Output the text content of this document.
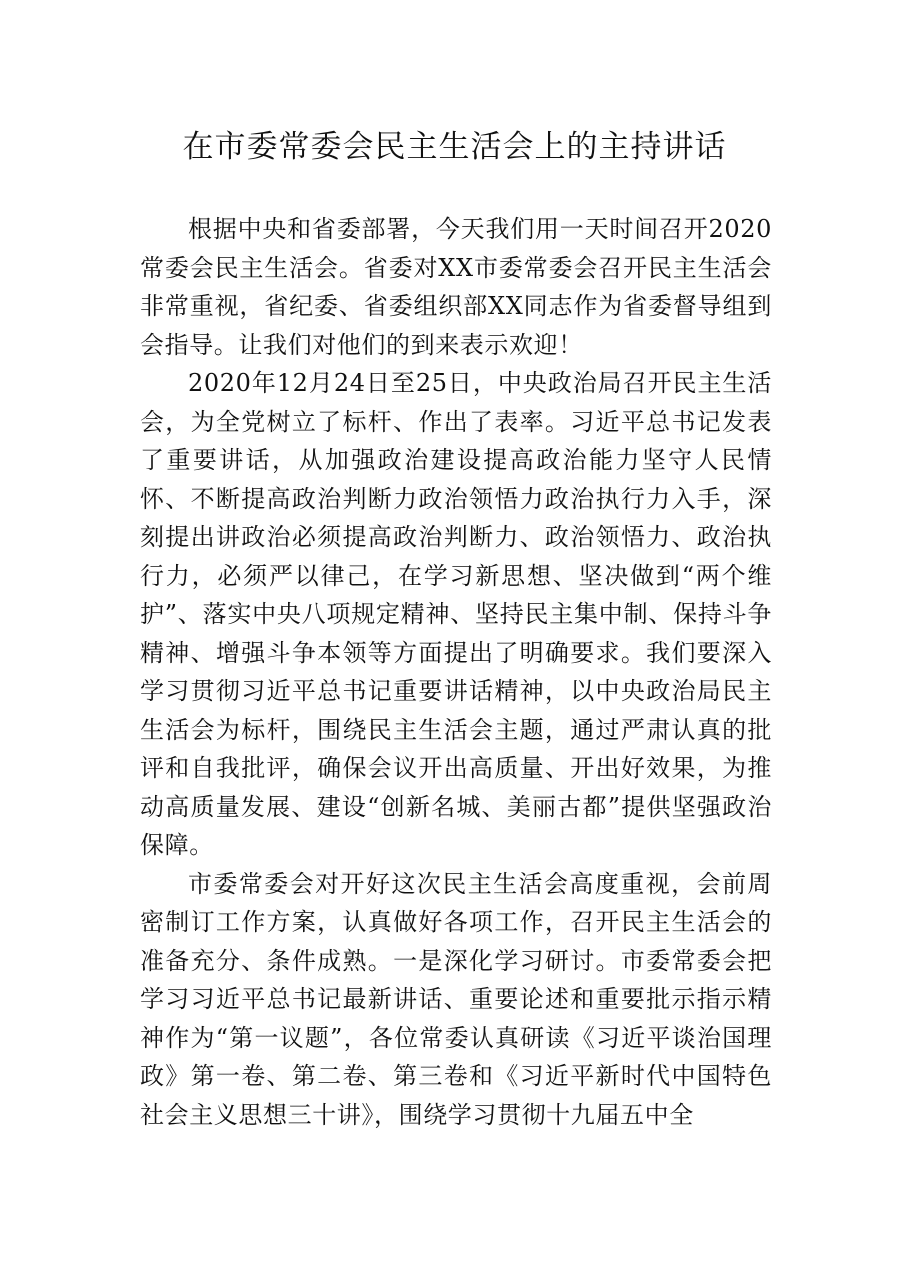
在市委常委会民主生活会上的主持讲话

根据中央和省委部署，今天我们用一天时间召开2020常委会民主生活会。省委对XX市委常委会召开民主生活会非常重视，省纪委、省委组织部XX同志作为省委督导组到会指导。让我们对他们的到来表示欢迎！

2020年12月24日至25日，中央政治局召开民主生活会，为全党树立了标杆、作出了表率。习近平总书记发表了重要讲话，从加强政治建设提高政治能力坚守人民情怀、不断提高政治判断力政治领悟力政治执行力入手，深刻提出讲政治必须提高政治判断力、政治领悟力、政治执行力，必须严以律己，在学习新思想、坚决做到“两个维护”、落实中央八项规定精神、坚持民主集中制、保持斗争精神、增强斗争本领等方面提出了明确要求。我们要深入学习贯彻习近平总书记重要讲话精神，以中央政治局民主生活会为标杆，围绕民主生活会主题，通过严肃认真的批评和自我批评，确保会议开出高质量、开出好效果，为推动高质量发展、建设“创新名城、美丽古都”提供坚强政治保障。

市委常委会对开好这次民主生活会高度重视，会前周密制订工作方案，认真做好各项工作，召开民主生活会的准备充分、条件成熟。一是深化学习研讨。市委常委会把学习习近平总书记最新讲话、重要论述和重要批示指示精神作为“第一议题”，各位常委认真研读《习近平谈治国理政》第一卷、第二卷、第三卷和《习近平新时代中国特色社会主义思想三十讲》，围绕学习贯彻十九届五中全
